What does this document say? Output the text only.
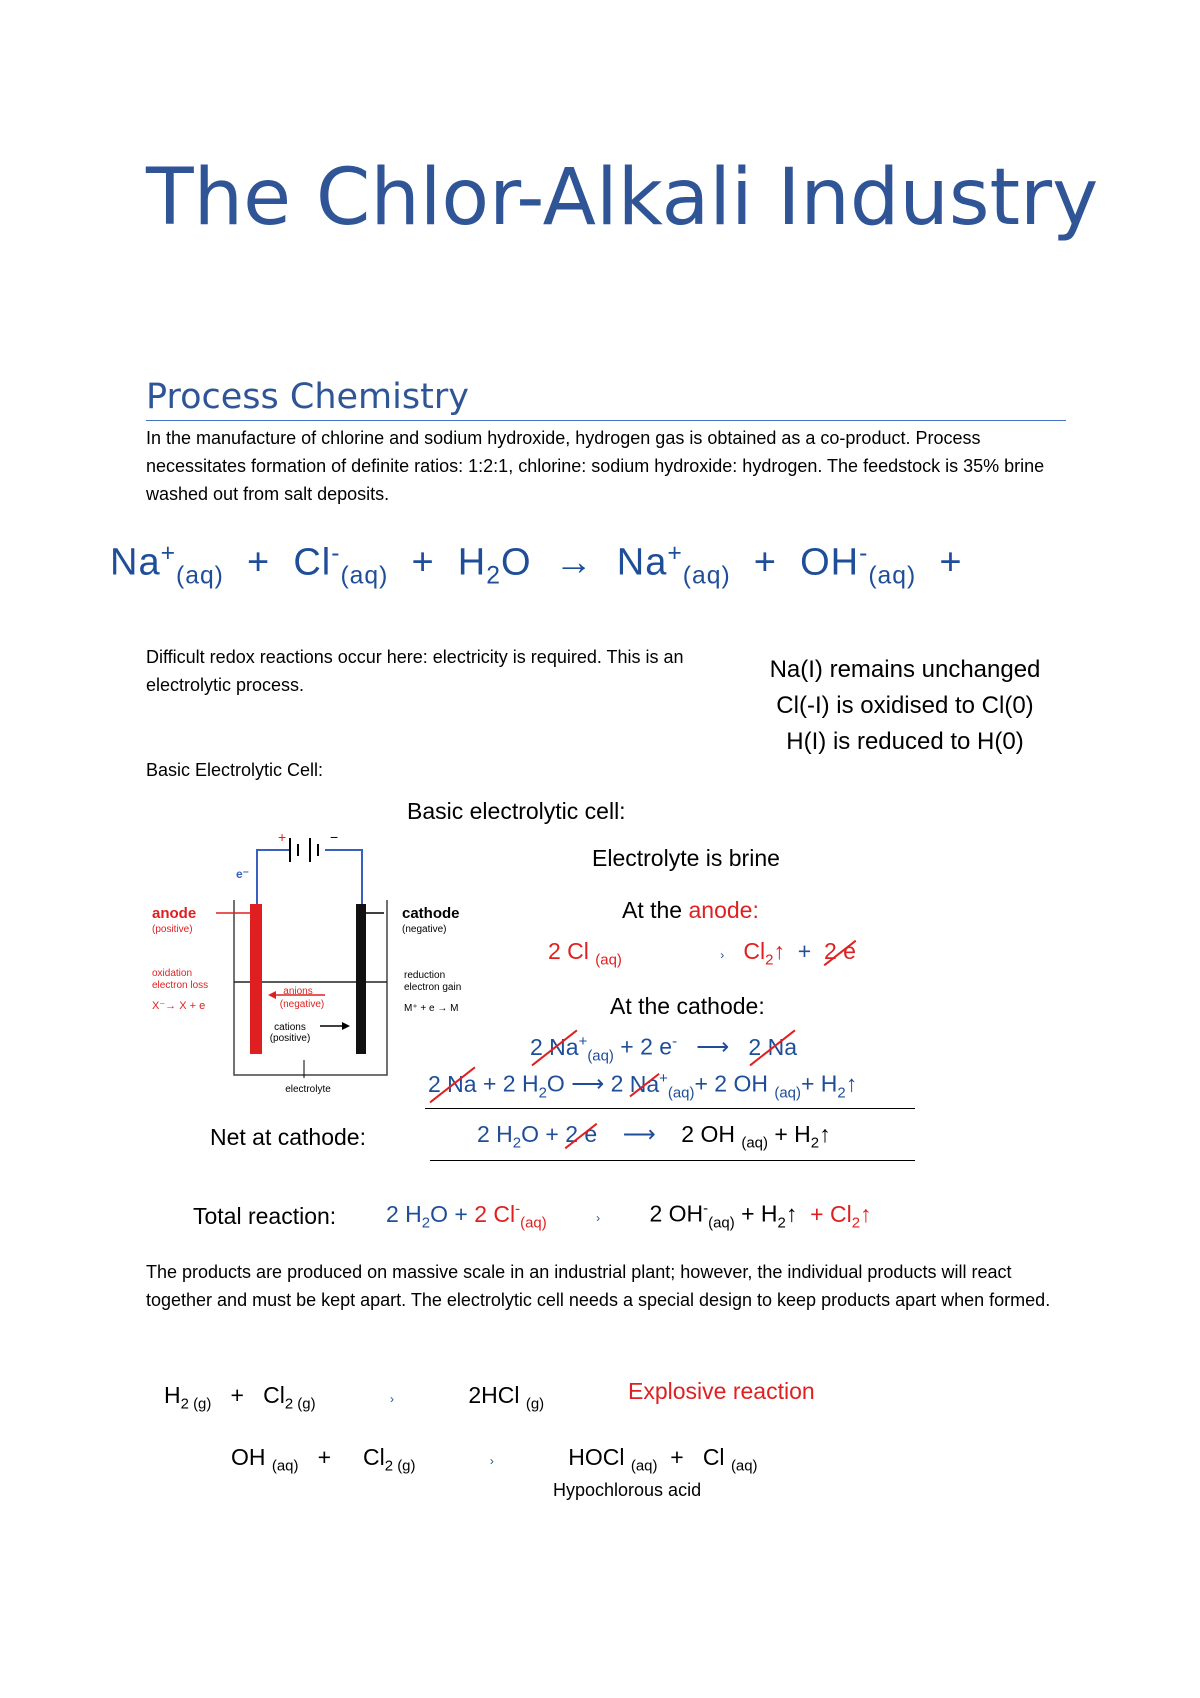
The Chlor-Alkali Industry
Process Chemistry

In the manufacture of chlorine and sodium hydroxide, hydrogen gas is obtained as a co-product. Process necessitates formation of definite ratios: 1:2:1, chlorine: sodium hydroxide: hydrogen. The feedstock is 35% brine washed out from salt deposits.

$Na^+_{(aq)} + Cl^-_{(aq)} + H_2O \to Na^+_{(aq)} + OH^-_{(aq)}$  +

Difficult redox reactions occur here: electricity is required. This is an electrolytic process.

Na(I) remains unchanged
Cl(-I) is oxidised to Cl(0)
H(I) is reduced to H(0)

Basic Electrolytic Cell:

Basic electrolytic cell:
Electrolyte is brine
At the anode:
2 Cl $_{(aq)}$	›   $Cl_2↑ + 2$ e
At the cathode:
2 $Na^+_{(aq)} + 2$ e-   ⟶   2 Na
2 Na + 2 $H_2O$ ⟶ 2 $Na^+_{(aq)}+ 2$ OH $_{(aq)}+ H_2↑$
Net at cathode:	2 $H_2O + 2$ e    ⟶    2 OH $_{(aq)} + H_2↑$
Total reaction: 2 $H_2O + 2$ $Cl^-_{(aq)}$	› 2 $OH^-_{(aq)}$ + $H_2↑$  + $Cl_2↑$
+	−
e⁻
anode
(positive)
cathode
(negative)
oxidation
electron loss
X⁻→ X + e
reduction
electron gain
M⁺ + e → M
anions
(negative)
cations
(positive)
electrolyte

The products are produced on massive scale in an industrial plant; however, the individual products will react together and must be kept apart. The electrolytic cell needs a special design to keep products apart when formed.

$H_{2 (g)} + Cl_{2 (g)}$	›	2HCl $_{(g)}$
Explosive reaction
OH $_{(aq)}$   +     $Cl_{2 (g)}$	›	HOCl $_{(aq)}$  +   Cl $_{(aq)}$
Hypochlorous acid
